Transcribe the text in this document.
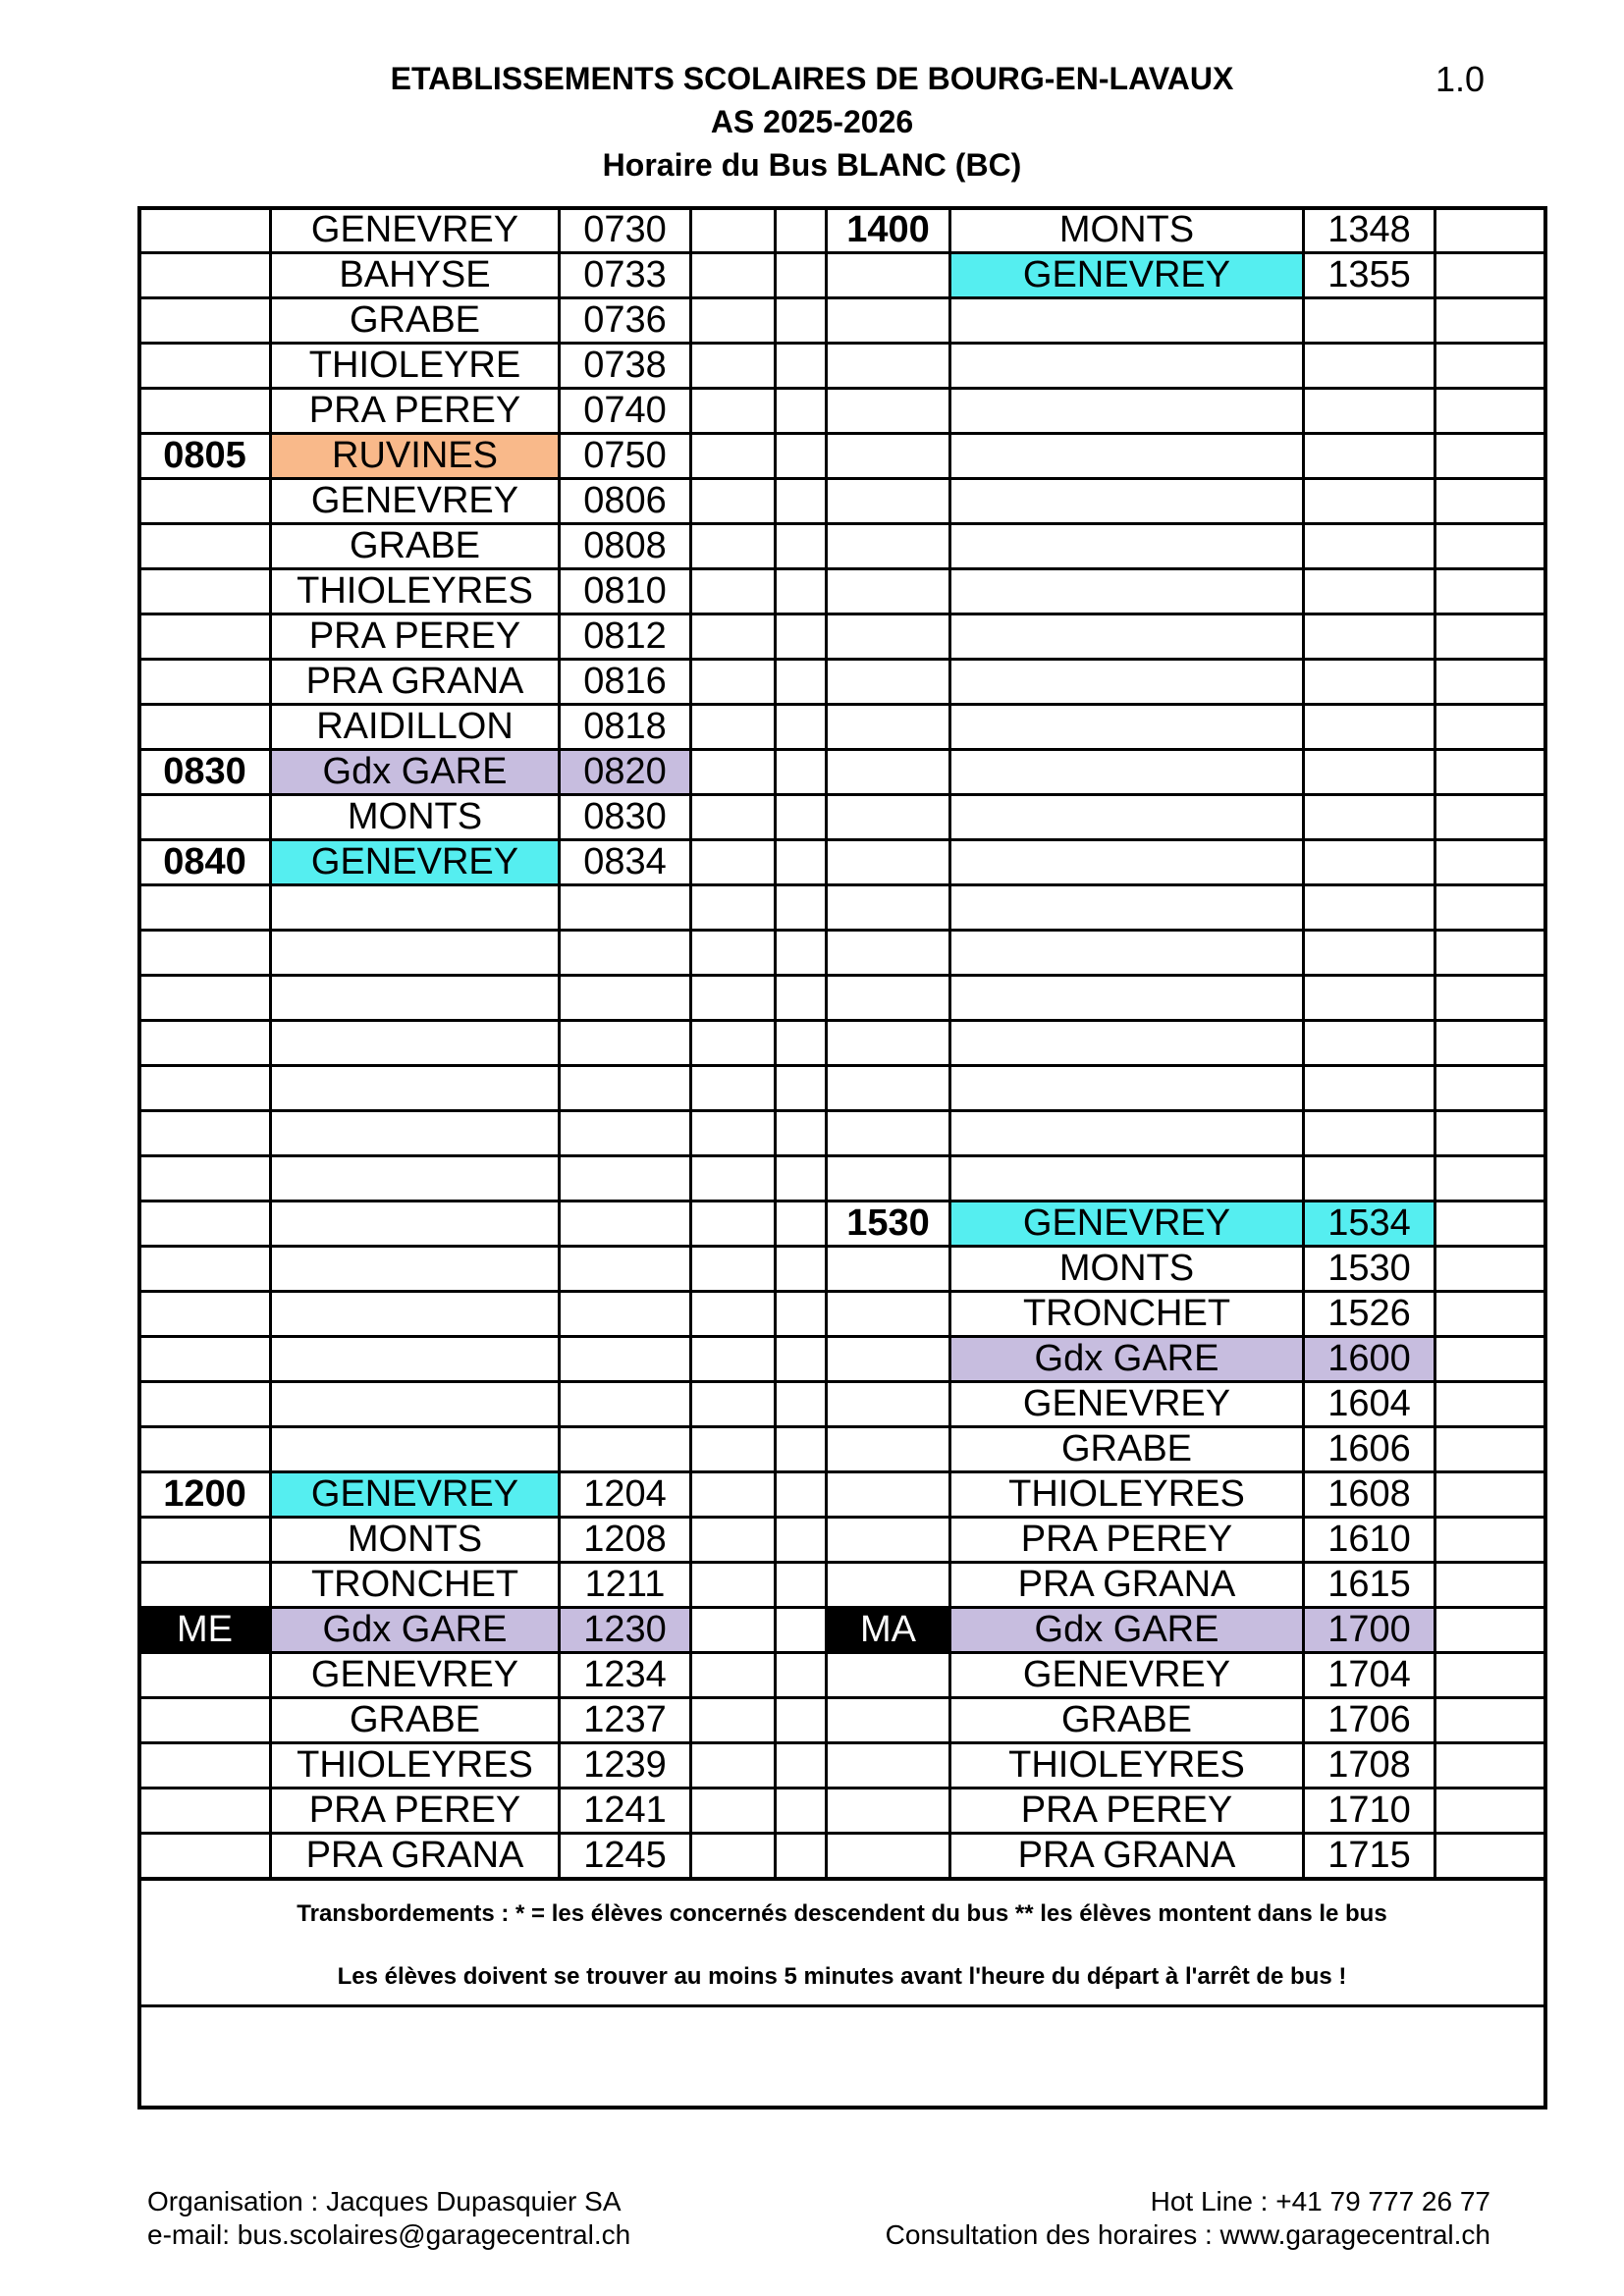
ETABLISSEMENTS SCOLAIRES DE BOURG-EN-LAVAUX
AS 2025-2026
Horaire du Bus BLANC (BC)
1.0
	GENEVREY	0730			1400	MONTS	1348	
	BAHYSE	0733				GENEVREY	1355	
	GRABE	0736						
	THIOLEYRE	0738						
	PRA PEREY	0740						
0805	RUVINES	0750						
	GENEVREY	0806						
	GRABE	0808						
	THIOLEYRES	0810						
	PRA PEREY	0812						
	PRA GRANA	0816						
	RAIDILLON	0818						
0830	Gdx GARE	0820						
	MONTS	0830						
0840	GENEVREY	0834						

					1530	GENEVREY	1534	
						MONTS	1530	
						TRONCHET	1526	
						Gdx GARE	1600	
						GENEVREY	1604	
						GRABE	1606	
1200	GENEVREY	1204				THIOLEYRES	1608	
	MONTS	1208				PRA PEREY	1610	
	TRONCHET	1211				PRA GRANA	1615	
ME	Gdx GARE	1230			MA	Gdx GARE	1700	
	GENEVREY	1234				GENEVREY	1704	
	GRABE	1237				GRABE	1706	
	THIOLEYRES	1239				THIOLEYRES	1708	
	PRA PEREY	1241				PRA PEREY	1710	
	PRA GRANA	1245				PRA GRANA	1715	

Transbordements : * = les élèves concernés descendent du bus ** les élèves montent dans le bus
Les élèves doivent se trouver au moins 5 minutes avant l'heure du départ à l'arrêt de bus !								
Organisation : Jacques Dupasquier SA
e-mail: bus.scolaires@garagecentral.ch
Hot Line : +41 79 777 26 77
Consultation des horaires : www.garagecentral.ch
